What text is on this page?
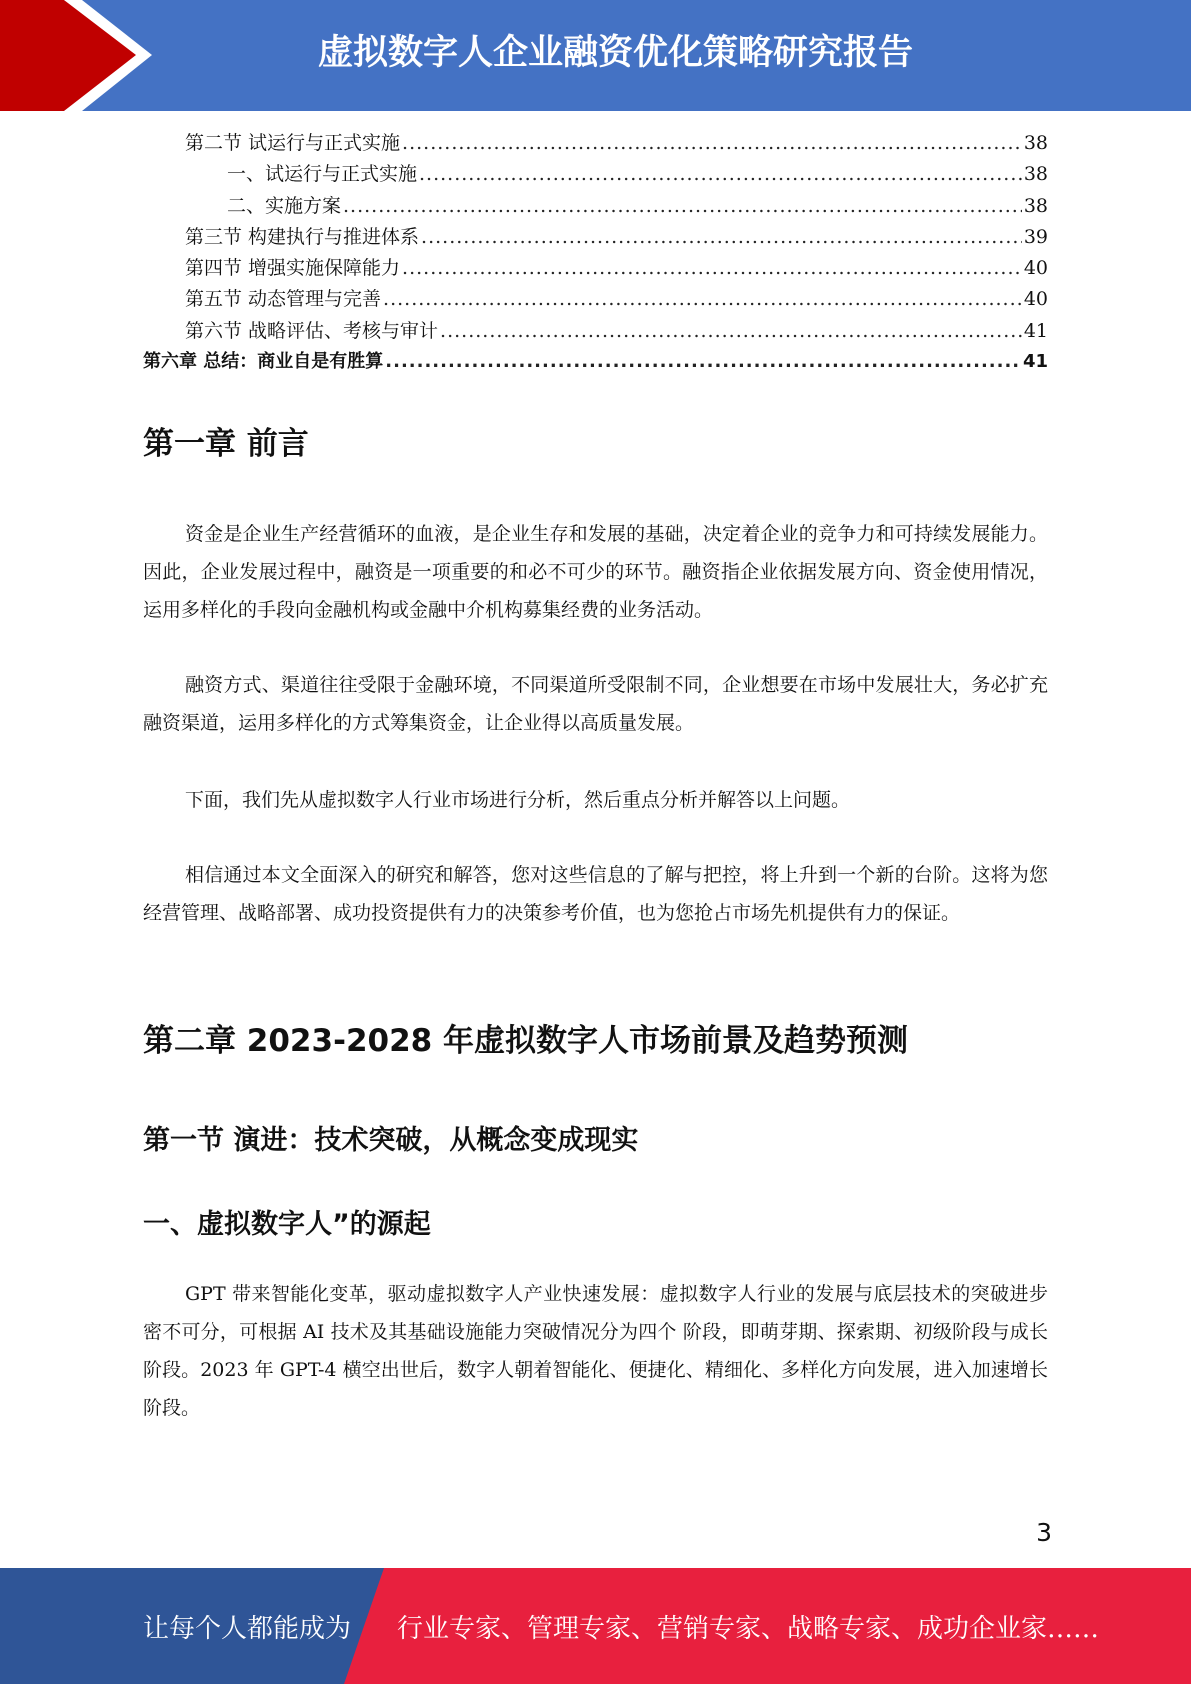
虚拟数字人企业融资优化策略研究报告
第二节 试运行与正式实施 .....	38
一、试运行与正式实施 .....	38
二、实施方案 .....	38
第三节 构建执行与推进体系 .....	39
第四节 增强实施保障能力 .....	40
第五节 动态管理与完善 .....	40
第六节 战略评估、考核与审计 .....	41
第六章 总结：商业自是有胜算 .....	41
第一章 前言

资金是企业生产经营循环的血液，是企业生存和发展的基础，决定着企业的竞争力和可持续发展能力。因此，企业发展过程中，融资是一项重要的和必不可少的环节。融资指企业依据发展方向、资金使用情况，运用多样化的手段向金融机构或金融中介机构募集经费的业务活动。

融资方式、渠道往往受限于金融环境，不同渠道所受限制不同，企业想要在市场中发展壮大，务必扩充融资渠道，运用多样化的方式筹集资金，让企业得以高质量发展。

下面，我们先从虚拟数字人行业市场进行分析，然后重点分析并解答以上问题。

相信通过本文全面深入的研究和解答，您对这些信息的了解与把控，将上升到一个新的台阶。这将为您经营管理、战略部署、成功投资提供有力的决策参考价值，也为您抢占市场先机提供有力的保证。

第二章 2023-2028 年虚拟数字人市场前景及趋势预测
第一节 演进：技术突破，从概念变成现实
一、虚拟数字人”的源起

GPT 带来智能化变革，驱动虚拟数字人产业快速发展：虚拟数字人行业的发展与底层技术的突破进步密不可分，可根据 AI 技术及其基础设施能力突破情况分为四个 阶段，即萌芽期、探索期、初级阶段与成长阶段。2023 年 GPT-4 横空出世后，数字人朝着智能化、便捷化、精细化、多样化方向发展，进入加速增长阶段。

3
让每个人都能成为 行业专家、管理专家、营销专家、战略专家、成功企业家……
